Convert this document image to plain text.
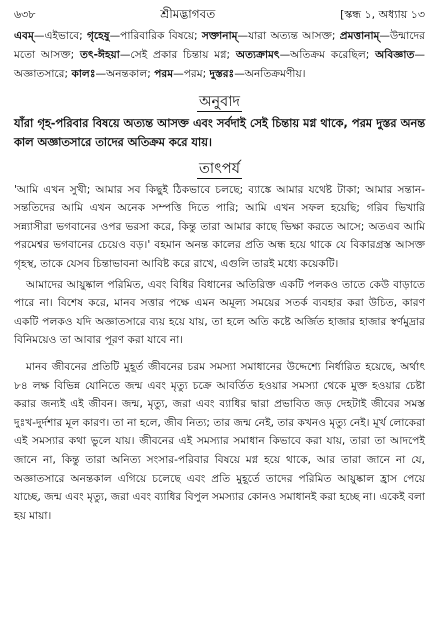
৬৩৮	শ্রীমদ্ভাগবত	[স্কন্ধ ১, অধ্যায় ১৩
এবম্—এইভাবে; গৃহেষু—পারিবারিক বিষয়ে; সক্তানাম্—যারা অত্যন্ত আসক্ত; প্রমত্তানাম্—উন্মাদের মতো আসক্ত; তৎ-ঈহয়া—সেই প্রকার চিন্তায় মগ্ন; অত্যক্রামৎ—অতিক্রম করেছিল; অবিজ্ঞাত—অজ্ঞাতসারে; কালঃ—অনন্তকাল; পরম—পরম; দুস্তরঃ—অনতিক্রমণীয়।
অনুবাদ
যাঁরা গৃহ-পরিবার বিষয়ে অত্যন্ত আসক্ত এবং সর্বদাই সেই চিন্তায় মগ্ন থাকে, পরম দুস্তর অনন্ত কাল অজ্ঞাতসারে তাদের অতিক্রম করে যায়।
তাৎপর্য

'আমি এখন সুখী; আমার সব কিছুই ঠিকভাবে চলছে; ব্যাঙ্কে আমার যথেষ্ট টাকা; আমার সন্তান-সন্ততিদের আমি এখন অনেক সম্পত্তি দিতে পারি; আমি এখন সফল হয়েছি; গরিব ভিখারি সন্ন্যাসীরা ভগবানের ওপর ভরসা করে, কিন্তু তারা আমার কাছে ভিক্ষা করতে আসে; অতএব আমি পরমেশ্বর ভগবানের চেয়েও বড়।' বহমান অনন্ত কালের প্রতি অন্ধ হয়ে থাকে যে বিকারগ্রস্ত আসক্ত গৃহস্থ, তাকে যেসব চিন্তাভাবনা আবিষ্ট করে রাখে, এগুলি তারই মধ্যে কয়েকটি।

আমাদের আয়ুষ্কাল পরিমিত, এবং বিধির বিধানের অতিরিক্ত একটি পলকও তাতে কেউ বাড়াতে পারে না। বিশেষ করে, মানব সত্তার পক্ষে এমন অমূল্য সময়ের সতর্ক ব্যবহার করা উচিত, কারণ একটি পলকও যদি অজ্ঞাতসারে ব্যয় হয়ে যায়, তা হলে অতি কষ্টে অর্জিত হাজার হাজার স্বর্ণমুদ্রার বিনিময়েও তা আবার পূরণ করা যাবে না।

মানব জীবনের প্রতিটি মুহূর্ত জীবনের চরম সমস্যা সমাধানের উদ্দেশ্যে নির্ধারিত হয়েছে, অর্থাৎ ৮৪ লক্ষ বিভিন্ন যোনিতে জন্ম এবং মৃত্যু চক্রে আবর্তিত হওয়ার সমস্যা থেকে মুক্ত হওয়ার চেষ্টা করার জন্যই এই জীবন। জন্ম, মৃত্যু, জরা এবং ব্যাধির দ্বারা প্রভাবিত জড় দেহটাই জীবের সমস্ত দুঃখ-দুর্দশার মূল কারণ। তা না হলে, জীব নিত্য; তার জন্ম নেই, তার কখনও মৃত্যু নেই। মূর্খ লোকেরা এই সমস্যার কথা ভুলে যায়। জীবনের এই সমস্যার সমাধান কিভাবে করা যায়, তারা তা আদপেই জানে না, কিন্তু তারা অনিত্য সংসার-পরিবার বিষয়ে মগ্ন হয়ে থাকে, আর তারা জানে না যে, অজ্ঞাতসারে অনন্তকাল এগিয়ে চলেছে এবং প্রতি মুহূর্তে তাদের পরিমিত আয়ুষ্কাল হ্রাস পেয়ে যাচ্ছে, জন্ম এবং মৃত্যু, জরা এবং ব্যাধির বিপুল সমস্যার কোনও সমাধানই করা হচ্ছে না। একেই বলা হয় মায়া।
